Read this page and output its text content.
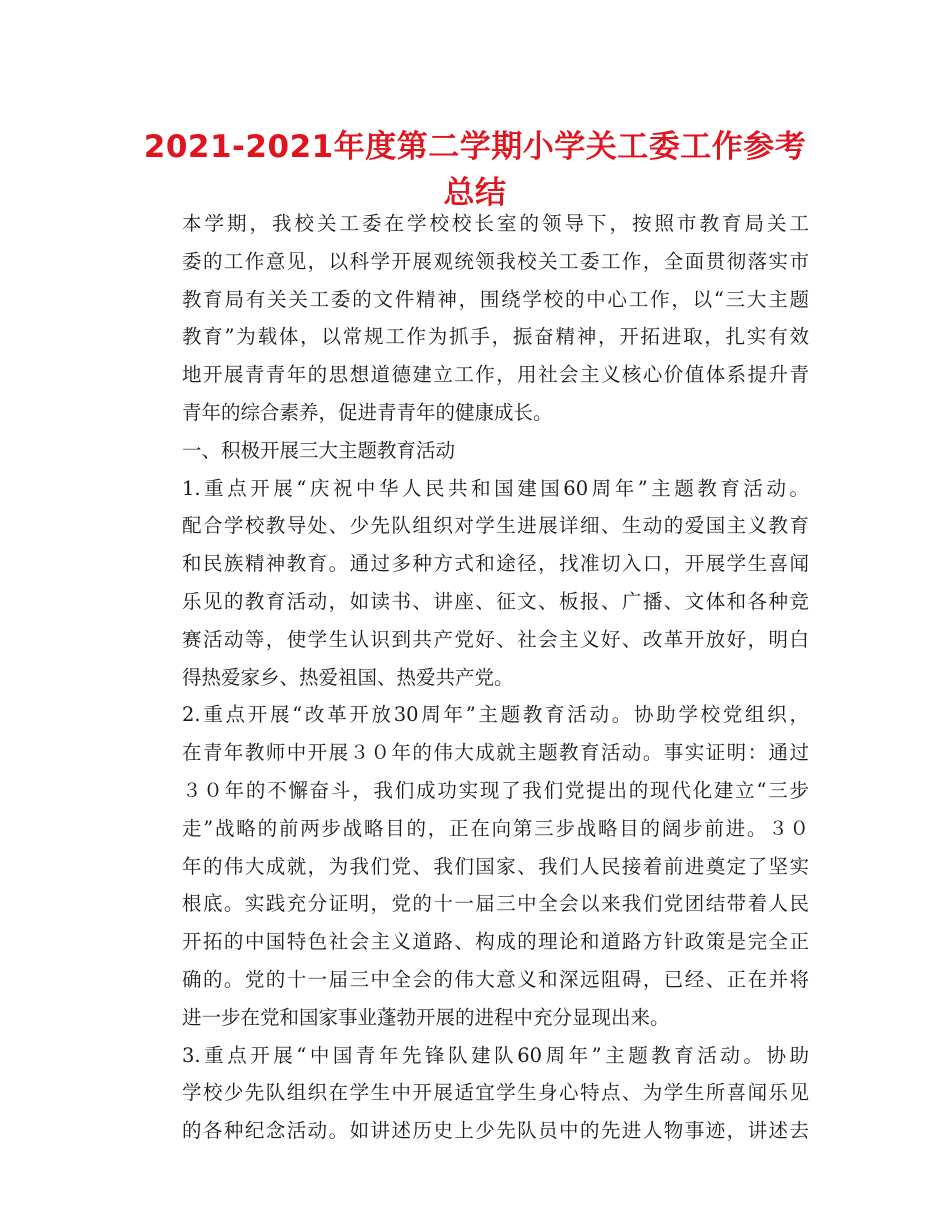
2021-2021年度第二学期小学关工委工作参考
总结

本学期，我校关工委在学校校长室的领导下，按照市教育局关工
委的工作意见，以科学开展观统领我校关工委工作，全面贯彻落实市
教育局有关关工委的文件精神，围绕学校的中心工作，以“三大主题
教育”为载体，以常规工作为抓手，振奋精神，开拓进取，扎实有效
地开展青青年的思想道德建立工作，用社会主义核心价值体系提升青
青年的综合素养，促进青青年的健康成长。

一、积极开展三大主题教育活动

1.重点开展“庆祝中华人民共和国建国60周年”主题教育活动。
配合学校教导处、少先队组织对学生进展详细、生动的爱国主义教育
和民族精神教育。通过多种方式和途径，找准切入口，开展学生喜闻
乐见的教育活动，如读书、讲座、征文、板报、广播、文体和各种竞
赛活动等，使学生认识到共产党好、社会主义好、改革开放好，明白
得热爱家乡、热爱祖国、热爱共产党。

2.重点开展“改革开放30周年”主题教育活动。协助学校党组织，
在青年教师中开展３０年的伟大成就主题教育活动。事实证明：通过
３０年的不懈奋斗，我们成功实现了我们党提出的现代化建立“三步
走”战略的前两步战略目的，正在向第三步战略目的阔步前进。３０
年的伟大成就，为我们党、我们国家、我们人民接着前进奠定了坚实
根底。实践充分证明，党的十一届三中全会以来我们党团结带着人民
开拓的中国特色社会主义道路、构成的理论和道路方针政策是完全正
确的。党的十一届三中全会的伟大意义和深远阻碍，已经、正在并将
进一步在党和国家事业蓬勃开展的进程中充分显现出来。

3.重点开展“中国青年先锋队建队60周年”主题教育活动。协助
学校少先队组织在学生中开展适宜学生身心特点、为学生所喜闻乐见
的各种纪念活动。如讲述历史上少先队员中的先进人物事迹，讲述去
